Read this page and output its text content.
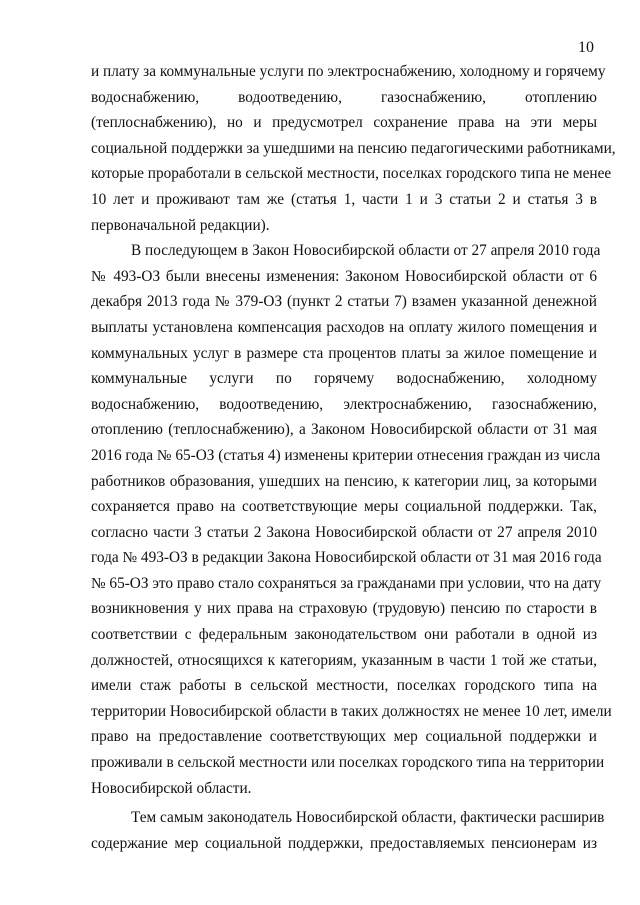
10
и плату за коммунальные услуги по электроснабжению, холодному и горячему
водоснабжению, водоотведению, газоснабжению, отоплению
(теплоснабжению), но и предусмотрел сохранение права на эти меры
социальной поддержки за ушедшими на пенсию педагогическими работниками,
которые проработали в сельской местности, поселках городского типа не менее
10 лет и проживают там же (статья 1, части 1 и 3 статьи 2 и статья 3 в
первоначальной редакции).
В последующем в Закон Новосибирской области от 27 апреля 2010 года
№ 493-ОЗ были внесены изменения: Законом Новосибирской области от 6
декабря 2013 года № 379-ОЗ (пункт 2 статьи 7) взамен указанной денежной
выплаты установлена компенсация расходов на оплату жилого помещения и
коммунальных услуг в размере ста процентов платы за жилое помещение и
коммунальные услуги по горячему водоснабжению, холодному
водоснабжению, водоотведению, электроснабжению, газоснабжению,
отоплению (теплоснабжению), а Законом Новосибирской области от 31 мая
2016 года № 65-ОЗ (статья 4) изменены критерии отнесения граждан из числа
работников образования, ушедших на пенсию, к категории лиц, за которыми
сохраняется право на соответствующие меры социальной поддержки. Так,
согласно части 3 статьи 2 Закона Новосибирской области от 27 апреля 2010
года № 493-ОЗ в редакции Закона Новосибирской области от 31 мая 2016 года
№ 65-ОЗ это право стало сохраняться за гражданами при условии, что на дату
возникновения у них права на страховую (трудовую) пенсию по старости в
соответствии с федеральным законодательством они работали в одной из
должностей, относящихся к категориям, указанным в части 1 той же статьи,
имели стаж работы в сельской местности, поселках городского типа на
территории Новосибирской области в таких должностях не менее 10 лет, имели
право на предоставление соответствующих мер социальной поддержки и
проживали в сельской местности или поселках городского типа на территории
Новосибирской области.
Тем самым законодатель Новосибирской области, фактически расширив
содержание мер социальной поддержки, предоставляемых пенсионерам из
